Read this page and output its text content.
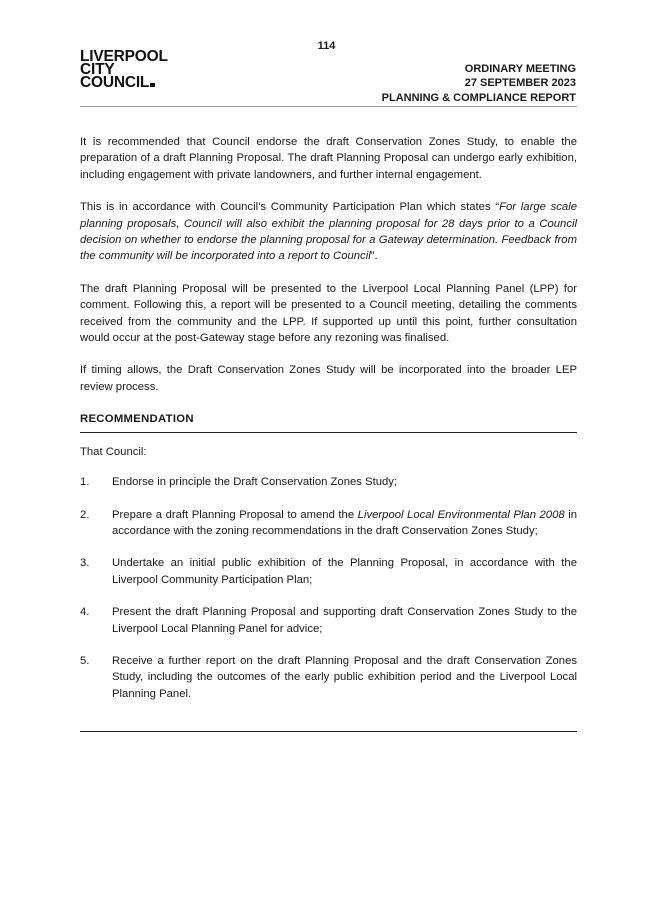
114
LIVERPOOL
CITY
COUNCIL
ORDINARY MEETING
27 SEPTEMBER 2023
PLANNING & COMPLIANCE REPORT

It is recommended that Council endorse the draft Conservation Zones Study, to enable the preparation of a draft Planning Proposal. The draft Planning Proposal can undergo early exhibition, including engagement with private landowners, and further internal engagement.

This is in accordance with Council’s Community Participation Plan which states “For large scale planning proposals, Council will also exhibit the planning proposal for 28 days prior to a Council decision on whether to endorse the planning proposal for a Gateway determination. Feedback from the community will be incorporated into a report to Council”.

The draft Planning Proposal will be presented to the Liverpool Local Planning Panel (LPP) for comment. Following this, a report will be presented to a Council meeting, detailing the comments received from the community and the LPP. If supported up until this point, further consultation would occur at the post-Gateway stage before any rezoning was finalised.

If timing allows, the Draft Conservation Zones Study will be incorporated into the broader LEP review process.

RECOMMENDATION

That Council:

1.	Endorse in principle the Draft Conservation Zones Study;
2.	Prepare a draft Planning Proposal to amend the Liverpool Local Environmental Plan 2008 in accordance with the zoning recommendations in the draft Conservation Zones Study;
3.	Undertake an initial public exhibition of the Planning Proposal, in accordance with the Liverpool Community Participation Plan;
4.	Present the draft Planning Proposal and supporting draft Conservation Zones Study to the Liverpool Local Planning Panel for advice;
5.	Receive a further report on the draft Planning Proposal and the draft Conservation Zones Study, including the outcomes of the early public exhibition period and the Liverpool Local Planning Panel.
